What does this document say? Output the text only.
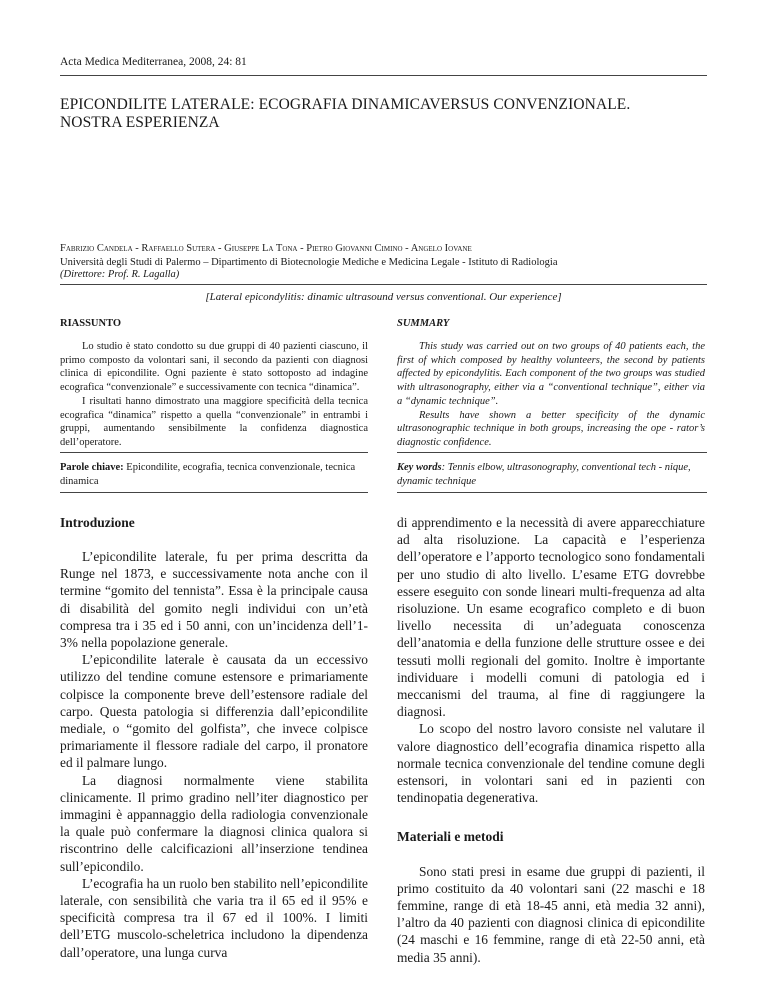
Acta Medica Mediterranea, 2008, 24: 81
EPICONDILITE LATERALE: ECOGRAFIA DINAMICAVERSUS CONVENZIONALE.
NOSTRA ESPERIENZA
Fabrizio Candela - Raffaello Sutera - Giuseppe La Tona - Pietro Giovanni Cimino - Angelo Iovane
Università degli Studi di Palermo – Dipartimento di Biotecnologie Mediche e Medicina Legale - Istituto di Radiologia
(Direttore: Prof. R. Lagalla)
[Lateral epicondylitis: dinamic ultrasound versus conventional. Our experience]
RIASSUNTO	SUMMARY

Lo studio è stato condotto su due gruppi di 40 pazienti ciascuno, il primo composto da volontari sani, il secondo da pazienti con diagnosi clinica di epicondilite. Ogni paziente è stato sottoposto ad indagine ecografica “convenzionale” e successivamente con tecnica “dinamica”.

I risultati hanno dimostrato una maggiore specificità della tecnica ecografica “dinamica” rispetto a quella “convenzionale” in entrambi i gruppi, aumentando sensibilmente la confidenza diagnostica dell’operatore.

This study was carried out on two groups of 40 patients each, the first of which composed by healthy volunteers, the second by patients affected by epicondylitis. Each component of the two groups was studied with ultrasonography, either via a “conventional technique”, either via a “dynamic technique”.

Results have shown a better specificity of the dynamic ultrasonographic technique in both groups, increasing the ope - rator’s diagnostic confidence.

Parole chiave: Epicondilite, ecografia, tecnica convenzionale, tecnica dinamica
Key words: Tennis elbow, ultrasonography, conventional tech - nique, dynamic technique
Introduzione

L’epicondilite laterale, fu per prima descritta da Runge nel 1873, e successivamente nota anche con il termine “gomito del tennista”. Essa è la principale causa di disabilità del gomito negli individui con un’età compresa tra i 35 ed i 50 anni, con un’incidenza dell’1-3% nella popolazione generale.

L’epicondilite laterale è causata da un eccessivo utilizzo del tendine comune estensore e primariamente colpisce la componente breve dell’estensore radiale del carpo. Questa patologia si differenzia dall’epicondilite mediale, o “gomito del golfista”, che invece colpisce primariamente il flessore radiale del carpo, il pronatore ed il palmare lungo.

La diagnosi normalmente viene stabilita clinicamente. Il primo gradino nell’iter diagnostico per immagini è appannaggio della radiologia convenzionale la quale può confermare la diagnosi clinica qualora si riscontrino delle calcificazioni all’inserzione tendinea sull’epicondilo.

L’ecografia ha un ruolo ben stabilito nell’epicondilite laterale, con sensibilità che varia tra il 65 ed il 95% e specificità compresa tra il 67 ed il 100%. I limiti dell’ETG muscolo-scheletrica includono la dipendenza dall’operatore, una lunga curva

di apprendimento e la necessità di avere apparecchiature ad alta risoluzione. La capacità e l’esperienza dell’operatore e l’apporto tecnologico sono fondamentali per uno studio di alto livello. L’esame ETG dovrebbe essere eseguito con sonde lineari multi-frequenza ad alta risoluzione. Un esame ecografico completo e di buon livello necessita di un’adeguata conoscenza dell’anatomia e della funzione delle strutture ossee e dei tessuti molli regionali del gomito. Inoltre è importante individuare i modelli comuni di patologia ed i meccanismi del trauma, al fine di raggiungere la diagnosi.

Lo scopo del nostro lavoro consiste nel valutare il valore diagnostico dell’ecografia dinamica rispetto alla normale tecnica convenzionale del tendine comune degli estensori, in volontari sani ed in pazienti con tendinopatia degenerativa.

Materiali e metodi

Sono stati presi in esame due gruppi di pazienti, il primo costituito da 40 volontari sani (22 maschi e 18 femmine, range di età 18-45 anni, età media 32 anni), l’altro da 40 pazienti con diagnosi clinica di epicondilite (24 maschi e 16 femmine, range di età 22-50 anni, età media 35 anni).
